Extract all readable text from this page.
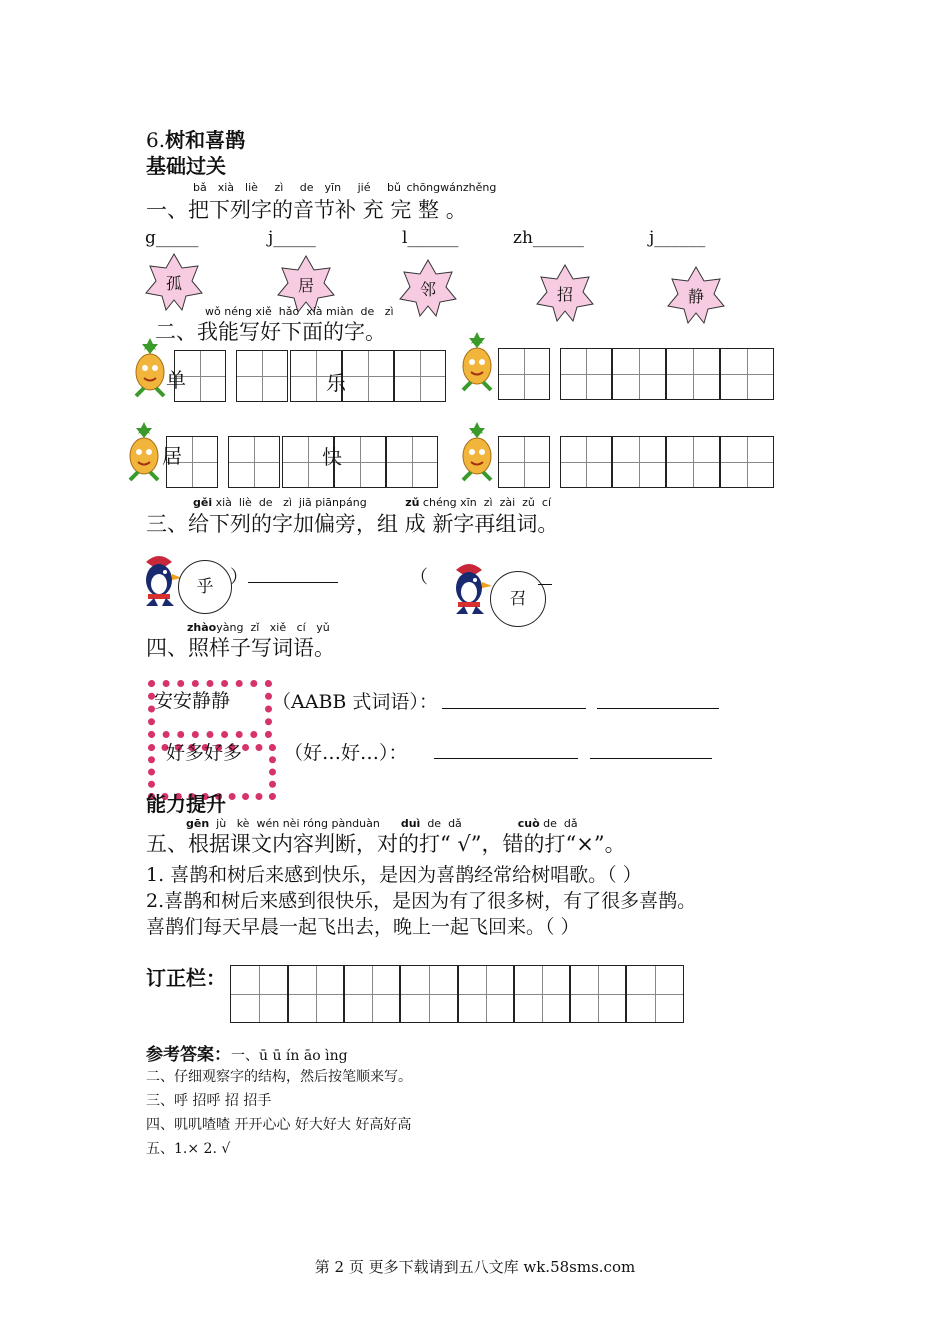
6.树和喜鹊
基础过关
bǎ xià liè zì de yīn jié bǔ chōngwánzhěng
一、把下列字的音节补 充 完 整 。
g_____	j_____	l______	zh______	j______
孤	居	邻	招	静
wǒ néng xiě hǎo xià miàn de zì
二、我能写好下面的字。
单	乐
居	快
gěi xià liè de zì jiā piānpáng	zǔ chéng xīn zì zài zǔ cí
三、给下列的字加偏旁，组 成 新字再组词。
乎 ）	（
召
zhàoyàng zǐ xiě cí yǔ
四、照样子写词语。
安安静静 （AABB 式词语）：
好多好多 （好…好…）：
能力提升
gēn jù kè wén nèi róng pànduàn duì de dǎ	cuò de dǎ
五、根据课文内容判断，对的打“ √”，错的打“×”。
1. 喜鹊和树后来感到快乐，是因为喜鹊经常给树唱歌。（ ）
2.喜鹊和树后来感到很快乐，是因为有了很多树，有了很多喜鹊。
喜鹊们每天早晨一起飞出去，晚上一起飞回来。（ ）
订正栏：
参考答案：一、ū ū ín āo ìng
二、仔细观察字的结构，然后按笔顺来写。
三、呼 招呼 招 招手
四、叽叽喳喳 开开心心 好大好大 好高好高
五、1.× 2. √
第 2 页 更多下载请到五八文库 wk.58sms.com
